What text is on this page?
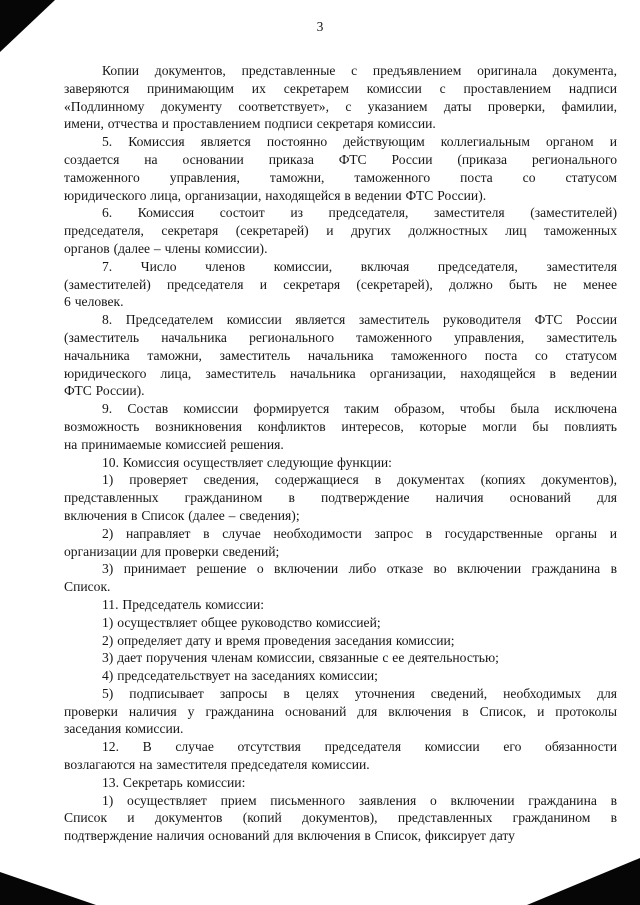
3
Копии документов, представленные с предъявлением оригинала документа,
заверяются принимающим их секретарем комиссии с проставлением надписи
«Подлинному документу соответствует», с указанием даты проверки, фамилии,
имени, отчества и проставлением подписи секретаря комиссии.
5. Комиссия является постоянно действующим коллегиальным органом и
создается на основании приказа ФТС России (приказа регионального
таможенного управления, таможни, таможенного поста со статусом
юридического лица, организации, находящейся в ведении ФТС России).
6. Комиссия состоит из председателя, заместителя (заместителей)
председателя, секретаря (секретарей) и других должностных лиц таможенных
органов (далее – члены комиссии).
7. Число членов комиссии, включая председателя, заместителя
(заместителей) председателя и секретаря (секретарей), должно быть не менее
6 человек.
8. Председателем комиссии является заместитель руководителя ФТС России
(заместитель начальника регионального таможенного управления, заместитель
начальника таможни, заместитель начальника таможенного поста со статусом
юридического лица, заместитель начальника организации, находящейся в ведении
ФТС России).
9. Состав комиссии формируется таким образом, чтобы была исключена
возможность возникновения конфликтов интересов, которые могли бы повлиять
на принимаемые комиссией решения.
10. Комиссия осуществляет следующие функции:
1) проверяет сведения, содержащиеся в документах (копиях документов),
представленных гражданином в подтверждение наличия оснований для
включения в Список (далее – сведения);
2) направляет в случае необходимости запрос в государственные органы и
организации для проверки сведений;
3) принимает решение о включении либо отказе во включении гражданина в
Список.
11. Председатель комиссии:
1) осуществляет общее руководство комиссией;
2) определяет дату и время проведения заседания комиссии;
3) дает поручения членам комиссии, связанные с ее деятельностью;
4) председательствует на заседаниях комиссии;
5) подписывает запросы в целях уточнения сведений, необходимых для
проверки наличия у гражданина оснований для включения в Список, и протоколы
заседания комиссии.
12. В случае отсутствия председателя комиссии его обязанности
возлагаются на заместителя председателя комиссии.
13. Секретарь комиссии:
1) осуществляет прием письменного заявления о включении гражданина в
Список и документов (копий документов), представленных гражданином в
подтверждение наличия оснований для включения в Список, фиксирует дату
